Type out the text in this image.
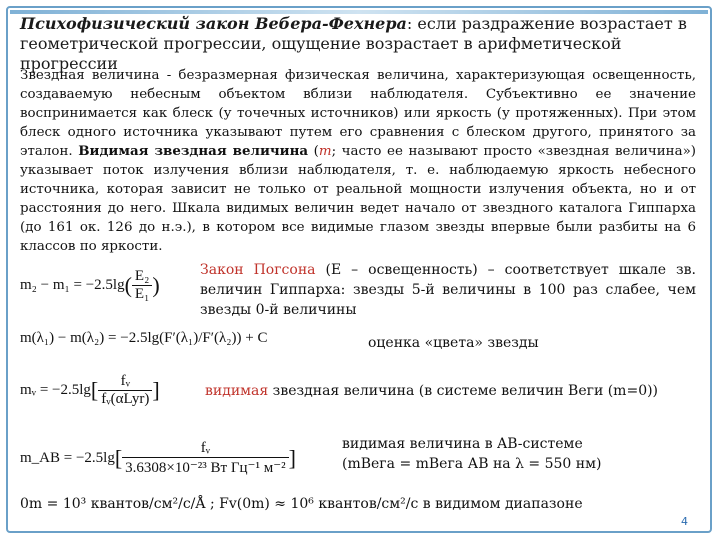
Психофизический закон Вебера-Фехнера: если раздражение возрастает в геометрической прогрессии, ощущение возрастает в арифметической прогрессии
Звездная величина - безразмерная физическая величина, характеризующая освещенность, создаваемую небесным объектом вблизи наблюдателя. Субъективно ее значение воспринимается как блеск (у точечных источников) или яркость (у протяженных). При этом блеск одного источника указывают путем его сравнения с блеском другого, принятого за эталон. Видимая звездная величина (m; часто ее называют просто «звездная величина») указывает поток излучения вблизи наблюдателя, т. е. наблюдаемую яркость небесного источника, которая зависит не только от реальной мощности излучения объекта, но и от расстояния до него. Шкала видимых величин ведет начало от звездного каталога Гиппарха (до 161 ок. 126 до н.э.), в котором все видимые глазом звезды впервые были разбиты на 6 классов по яркости.
$m_2 - m_1 = -2.5\lg( \frac{\text{E₂}}{\text{E₁}}$ )
Закон Погсона (Е – освещенность) – соответствует шкале зв. величин Гиппарха: звезды 5-й величины в 100 раз слабее, чем звезды 0-й величины
m(λ₁) − m(λ₂) = −2.5lg(F′(λ₁)/F′(λ₂)) + C	оценка «цвета» звезды
mᵥ = $-2.5\lg[ \frac{\text{fᵥ}}{\text{fᵥ(αLyr)}}$ ]	видимая звездная величина (в системе величин Веги (m=0))
m_AB = $-2.5\lg[ \frac{\text{fᵥ}}{\text{3.6308×10⁻²³ Вт Гц⁻¹ м⁻²}}$ ]
видимая величина в AB-системе
(mВега = mВега АВ на λ = 550 нм)
0m = 10³ квантов/см²/с/Å ; Fv(0m) ≈ 10⁶ квантов/см²/с в видимом диапазоне
4
